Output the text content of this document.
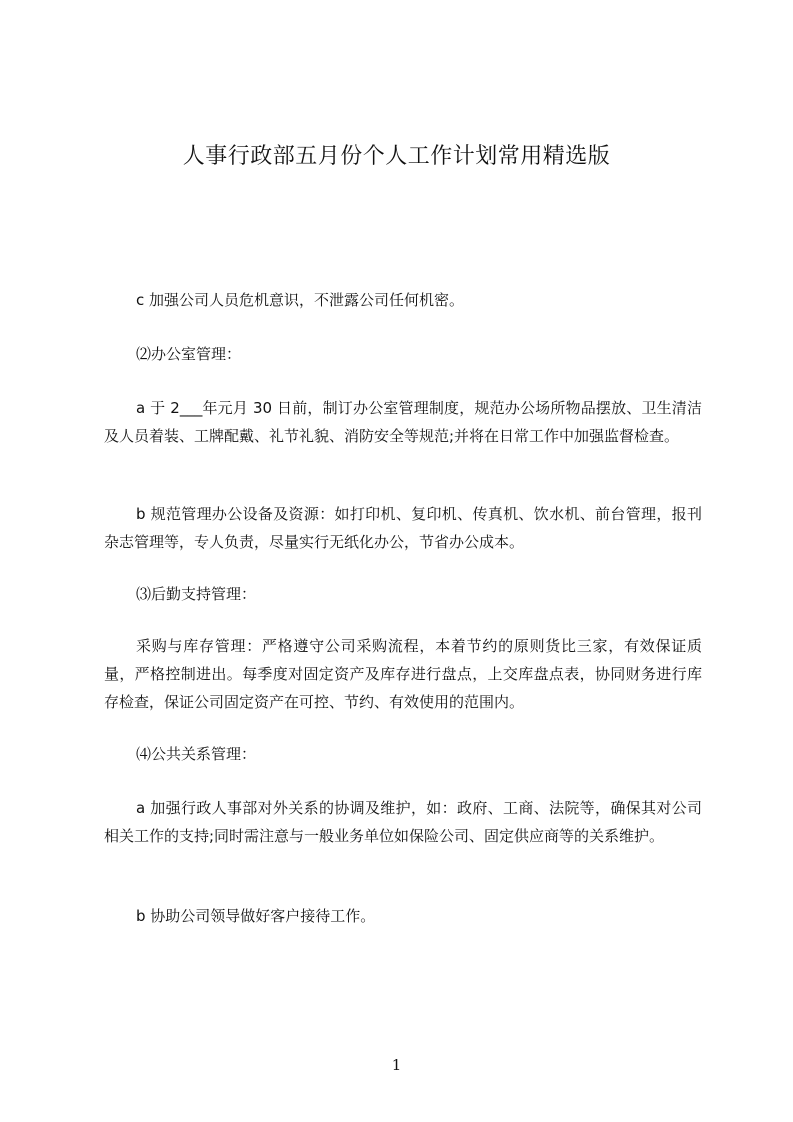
人事行政部五月份个人工作计划常用精选版

c 加强公司人员危机意识，不泄露公司任何机密。

⑵办公室管理：

a 于 2___年元月 30 日前，制订办公室管理制度，规范办公场所物品摆放、卫生清洁及人员着装、工牌配戴、礼节礼貌、消防安全等规范;并将在日常工作中加强监督检查。

b 规范管理办公设备及资源：如打印机、复印机、传真机、饮水机、前台管理，报刊杂志管理等，专人负责，尽量实行无纸化办公，节省办公成本。

⑶后勤支持管理：

采购与库存管理：严格遵守公司采购流程，本着节约的原则货比三家，有效保证质量，严格控制进出。每季度对固定资产及库存进行盘点，上交库盘点表，协同财务进行库存检查，保证公司固定资产在可控、节约、有效使用的范围内。

⑷公共关系管理：

a 加强行政人事部对外关系的协调及维护，如：政府、工商、法院等，确保其对公司相关工作的支持;同时需注意与一般业务单位如保险公司、固定供应商等的关系维护。

b 协助公司领导做好客户接待工作。

1
